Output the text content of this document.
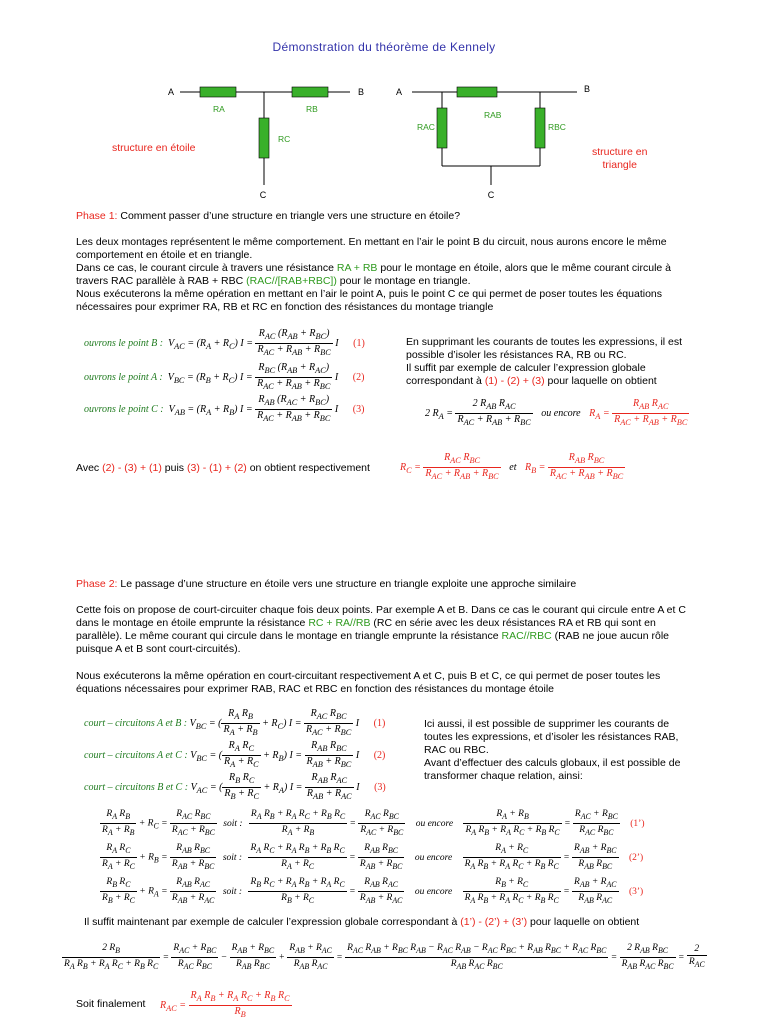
Démonstration du théorème de Kennely
A	B
C
RA	RB
RC
structure en étoile
A	B
C
RAB
RAC	RBC
structure en
triangle
Phase 1: Comment passer d’une structure en triangle vers une structure en étoile?
Les deux montages représentent le même comportement. En mettant en l’air le point B du circuit, nous aurons encore le même comportement en étoile et en triangle.
Dans ce cas, le courant circule à travers une résistance RA + RB pour le montage en étoile, alors que le même courant circule à travers RAC parallèle à RAB + RBC (RAC//[RAB+RBC]) pour le montage en triangle.
Nous exécuterons la même opération en mettant en l’air le point A, puis le point C ce qui permet de poser toutes les équations nécessaires pour exprimer RA, RB et RC en fonction des résistances du montage triangle
ouvrons le point B :  $V_{AC} = (R_A + R_C) I = \frac{R_{AC} (R_{AB} + R_{BC})}{R_{AC} + R_{AB} + R_{BC}}$ I (1)
ouvrons le point A :  $V_{BC} = (R_B + R_C) I = \frac{R_{BC} (R_{AB} + R_{AC})}{R_{AC} + R_{AB} + R_{BC}}$ I (2)
ouvrons le point C :  $V_{AB} = (R_A + R_B) I = \frac{R_{AB} (R_{AC} + R_{BC})}{R_{AC} + R_{AB} + R_{BC}}$ I (3)
En supprimant les courants de toutes les expressions, il est possible d’isoler les résistances RA, RB ou RC.
Il suffit par exemple de calculer l’expression globale correspondant à (1) - (2) + (3) pour laquelle on obtient
2 $R_A = \frac{2 R_{AB} R_{AC}}{R_{AC} + R_{AB} + R_{BC}}$ ou encore $R_A = \frac{R_{AB} R_{AC}}{R_{AC} + R_{AB} + R_{BC}}$
Avec (2) - (3) + (1) puis (3) - (1) + (2) on obtient respectivement	$R_C = \frac{R_{AC} R_{BC}}{R_{AC} + R_{AB} + R_{BC}}$ et $R_B = \frac{R_{AB} R_{BC}}{R_{AC} + R_{AB} + R_{BC}}$
Phase 2: Le passage d’une structure en étoile vers une structure en triangle exploite une approche similaire
Cette fois on propose de court-circuiter chaque fois deux points. Par exemple A et B. Dans ce cas le courant qui circule entre A et C dans le montage en étoile emprunte la résistance RC + RA//RB (RC en série avec les deux résistances RA et RB qui sont en parallèle). Le même courant qui circule dans le montage en triangle emprunte la résistance RAC//RBC (RAB ne joue aucun rôle puisque A et B sont court-circuités).
Nous exécuterons la même opération en court-circuitant respectivement A et C, puis B et C, ce qui permet de poser toutes les équations nécessaires pour exprimer RAB, RAC et RBC en fonction des résistances du montage étoile
court – circuitons A et B : $V_{BC}$ = ( $\frac{R_A R_B}{R_A + R_B} + R_C$) $I = \frac{R_{AC} R_{BC}}{R_{AC} + R_{BC}}$ I (1)
court – circuitons A et C : $V_{BC}$ = ( $\frac{R_A R_C}{R_A + R_C} + R_B$) $I = \frac{R_{AB} R_{BC}}{R_{AB} + R_{BC}}$ I (2)
court – circuitons B et C : $V_{AC}$ = ( $\frac{R_B R_C}{R_B + R_C} + R_A$) $I = \frac{R_{AB} R_{AC}}{R_{AB} + R_{AC}}$ I (3)
Ici aussi, il est possible de supprimer les courants de toutes les expressions, et d’isoler les résistances RAB, RAC ou RBC.
Avant d’effectuer des calculs globaux, il est possible de transformer chaque relation, ainsi:
$\frac{R_A R_B}{R_A + R_B} + R_C = \frac{R_{AC} R_{BC}}{R_{AC} + R_{BC}}$ soit : $\frac{R_A R_B + R_A R_C + R_B R_C}{R_A + R_B} = \frac{R_{AC} R_{BC}}{R_{AC} + R_{BC}}$ ou encore $\frac{R_A + R_B}{R_A R_B + R_A R_C + R_B R_C} = \frac{R_{AC} + R_{BC}}{R_{AC} R_{BC}}$ (1’)
$\frac{R_A R_C}{R_A + R_C} + R_B = \frac{R_{AB} R_{BC}}{R_{AB} + R_{BC}}$ soit : $\frac{R_A R_C + R_A R_B + R_B R_C}{R_A + R_C} = \frac{R_{AB} R_{BC}}{R_{AB} + R_{BC}}$ ou encore $\frac{R_A + R_C}{R_A R_B + R_A R_C + R_B R_C} = \frac{R_{AB} + R_{BC}}{R_{AB} R_{BC}}$ (2’)
$\frac{R_B R_C}{R_B + R_C} + R_A = \frac{R_{AB} R_{AC}}{R_{AB} + R_{AC}}$ soit : $\frac{R_B R_C + R_A R_B + R_A R_C}{R_B + R_C} = \frac{R_{AB} R_{AC}}{R_{AB} + R_{AC}}$ ou encore $\frac{R_B + R_C}{R_A R_B + R_A R_C + R_B R_C} = \frac{R_{AB} + R_{AC}}{R_{AB} R_{AC}}$ (3’)
Il suffit maintenant par exemple de calculer l’expression globale correspondant à (1’) - (2’) + (3’) pour laquelle on obtient
$\frac{2 R_B}{R_A R_B + R_A R_C + R_B R_C} = \frac{R_{AC} + R_{BC}}{R_{AC} R_{BC}} - \frac{R_{AB} + R_{BC}}{R_{AB} R_{BC}} + \frac{R_{AB} + R_{AC}}{R_{AB} R_{AC}} = \frac{R_{AC} R_{AB} + R_{BC} R_{AB} - R_{AC} R_{AB} - R_{AC} R_{BC} + R_{AB} R_{BC} + R_{AC} R_{BC}}{R_{AB} R_{AC} R_{BC}} = \frac{2 R_{AB} R_{BC}}{R_{AB} R_{AC} R_{BC}} = \frac{2}{R_{AC}}$
Soit finalement $R_{AC} = \frac{R_A R_B + R_A R_C + R_B R_C}{R_B}$
